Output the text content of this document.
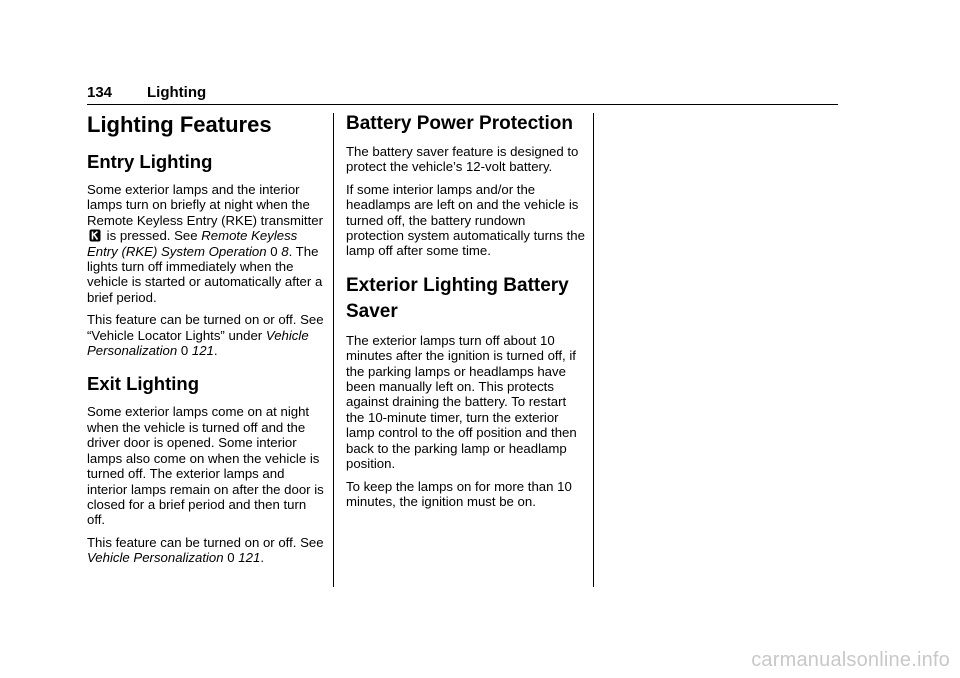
134 Lighting
Lighting Features
Entry Lighting

Some exterior lamps and the interior lamps turn on briefly at night when the Remote Keyless Entry (RKE) transmitter  is pressed. See Remote Keyless Entry (RKE) System Operation 0 8. The lights turn off immediately when the vehicle is started or automatically after a brief period.

This feature can be turned on or off. See “Vehicle Locator Lights” under Vehicle Personalization 0 121.

Exit Lighting

Some exterior lamps come on at night when the vehicle is turned off and the driver door is opened. Some interior lamps also come on when the vehicle is turned off. The exterior lamps and interior lamps remain on after the door is closed for a brief period and then turn off.

This feature can be turned on or off. See Vehicle Personalization 0 121.

Battery Power Protection

The battery saver feature is designed to protect the vehicle’s 12-volt battery.

If some interior lamps and/or the headlamps are left on and the vehicle is turned off, the battery rundown protection system automatically turns the lamp off after some time.

Exterior Lighting Battery Saver

The exterior lamps turn off about 10 minutes after the ignition is turned off, if the parking lamps or headlamps have been manually left on. This protects against draining the battery. To restart the 10-minute timer, turn the exterior lamp control to the off position and then back to the parking lamp or headlamp position.

To keep the lamps on for more than 10 minutes, the ignition must be on.

carmanualsonline.info
